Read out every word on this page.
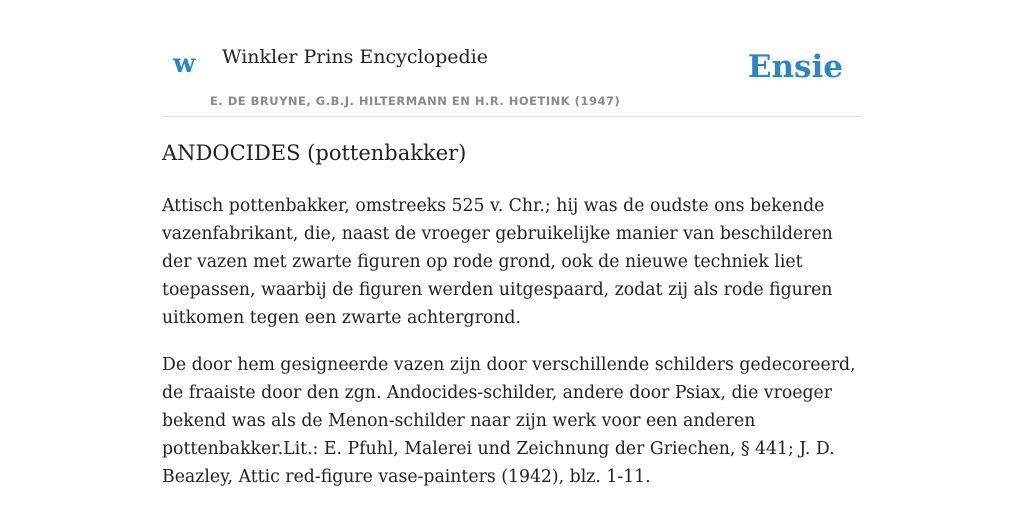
w Winkler Prins Encyclopedie
E. DE BRUYNE, G.B.J. HILTERMANN EN H.R. HOETINK (1947)
Ensie
ANDOCIDES (pottenbakker)

Attisch pottenbakker, omstreeks 525 v. Chr.; hij was de oudste ons bekende vazenfabrikant, die, naast de vroeger gebruikelijke manier van beschilderen der vazen met zwarte figuren op rode grond, ook de nieuwe techniek liet toepassen, waarbij de figuren werden uitgespaard, zodat zij als rode figuren uitkomen tegen een zwarte achtergrond.

De door hem gesigneerde vazen zijn door verschillende schilders gedecoreerd, de fraaiste door den zgn. Andocides-schilder, andere door Psiax, die vroeger bekend was als de Menon-schilder naar zijn werk voor een anderen pottenbakker.Lit.: E. Pfuhl, Malerei und Zeichnung der Griechen, § 441; J. D. Beazley, Attic red-figure vase-painters (1942), blz. 1-11.
